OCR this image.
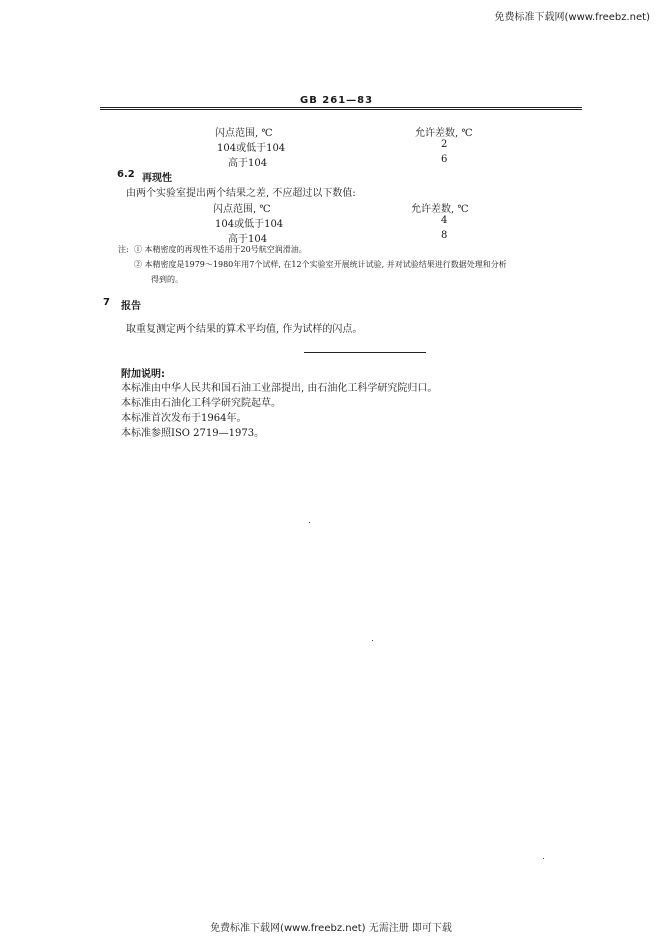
免费标准下载网(www.freebz.net)
GB 261—83
闪点范围, ℃	允许差数, ℃
104或低于104	2
高于104	6
6.2 再现性
由两个实验室提出两个结果之差, 不应超过以下数值:
闪点范围, ℃	允许差数, ℃
104或低于104	4
高于104	8
注: ① 本精密度的再现性不适用于20号航空润滑油。
② 本精密度是1979～1980年用7个试样, 在12个实验室开展统计试验, 并对试验结果进行数据处理和分析
得到的。
7 报告
取重复测定两个结果的算术平均值, 作为试样的闪点。
附加说明:
本标准由中华人民共和国石油工业部提出, 由石油化工科学研究院归口。
本标准由石油化工科学研究院起草。
本标准首次发布于1964年。
本标准参照ISO 2719—1973。
免费标准下载网(www.freebz.net) 无需注册 即可下载
